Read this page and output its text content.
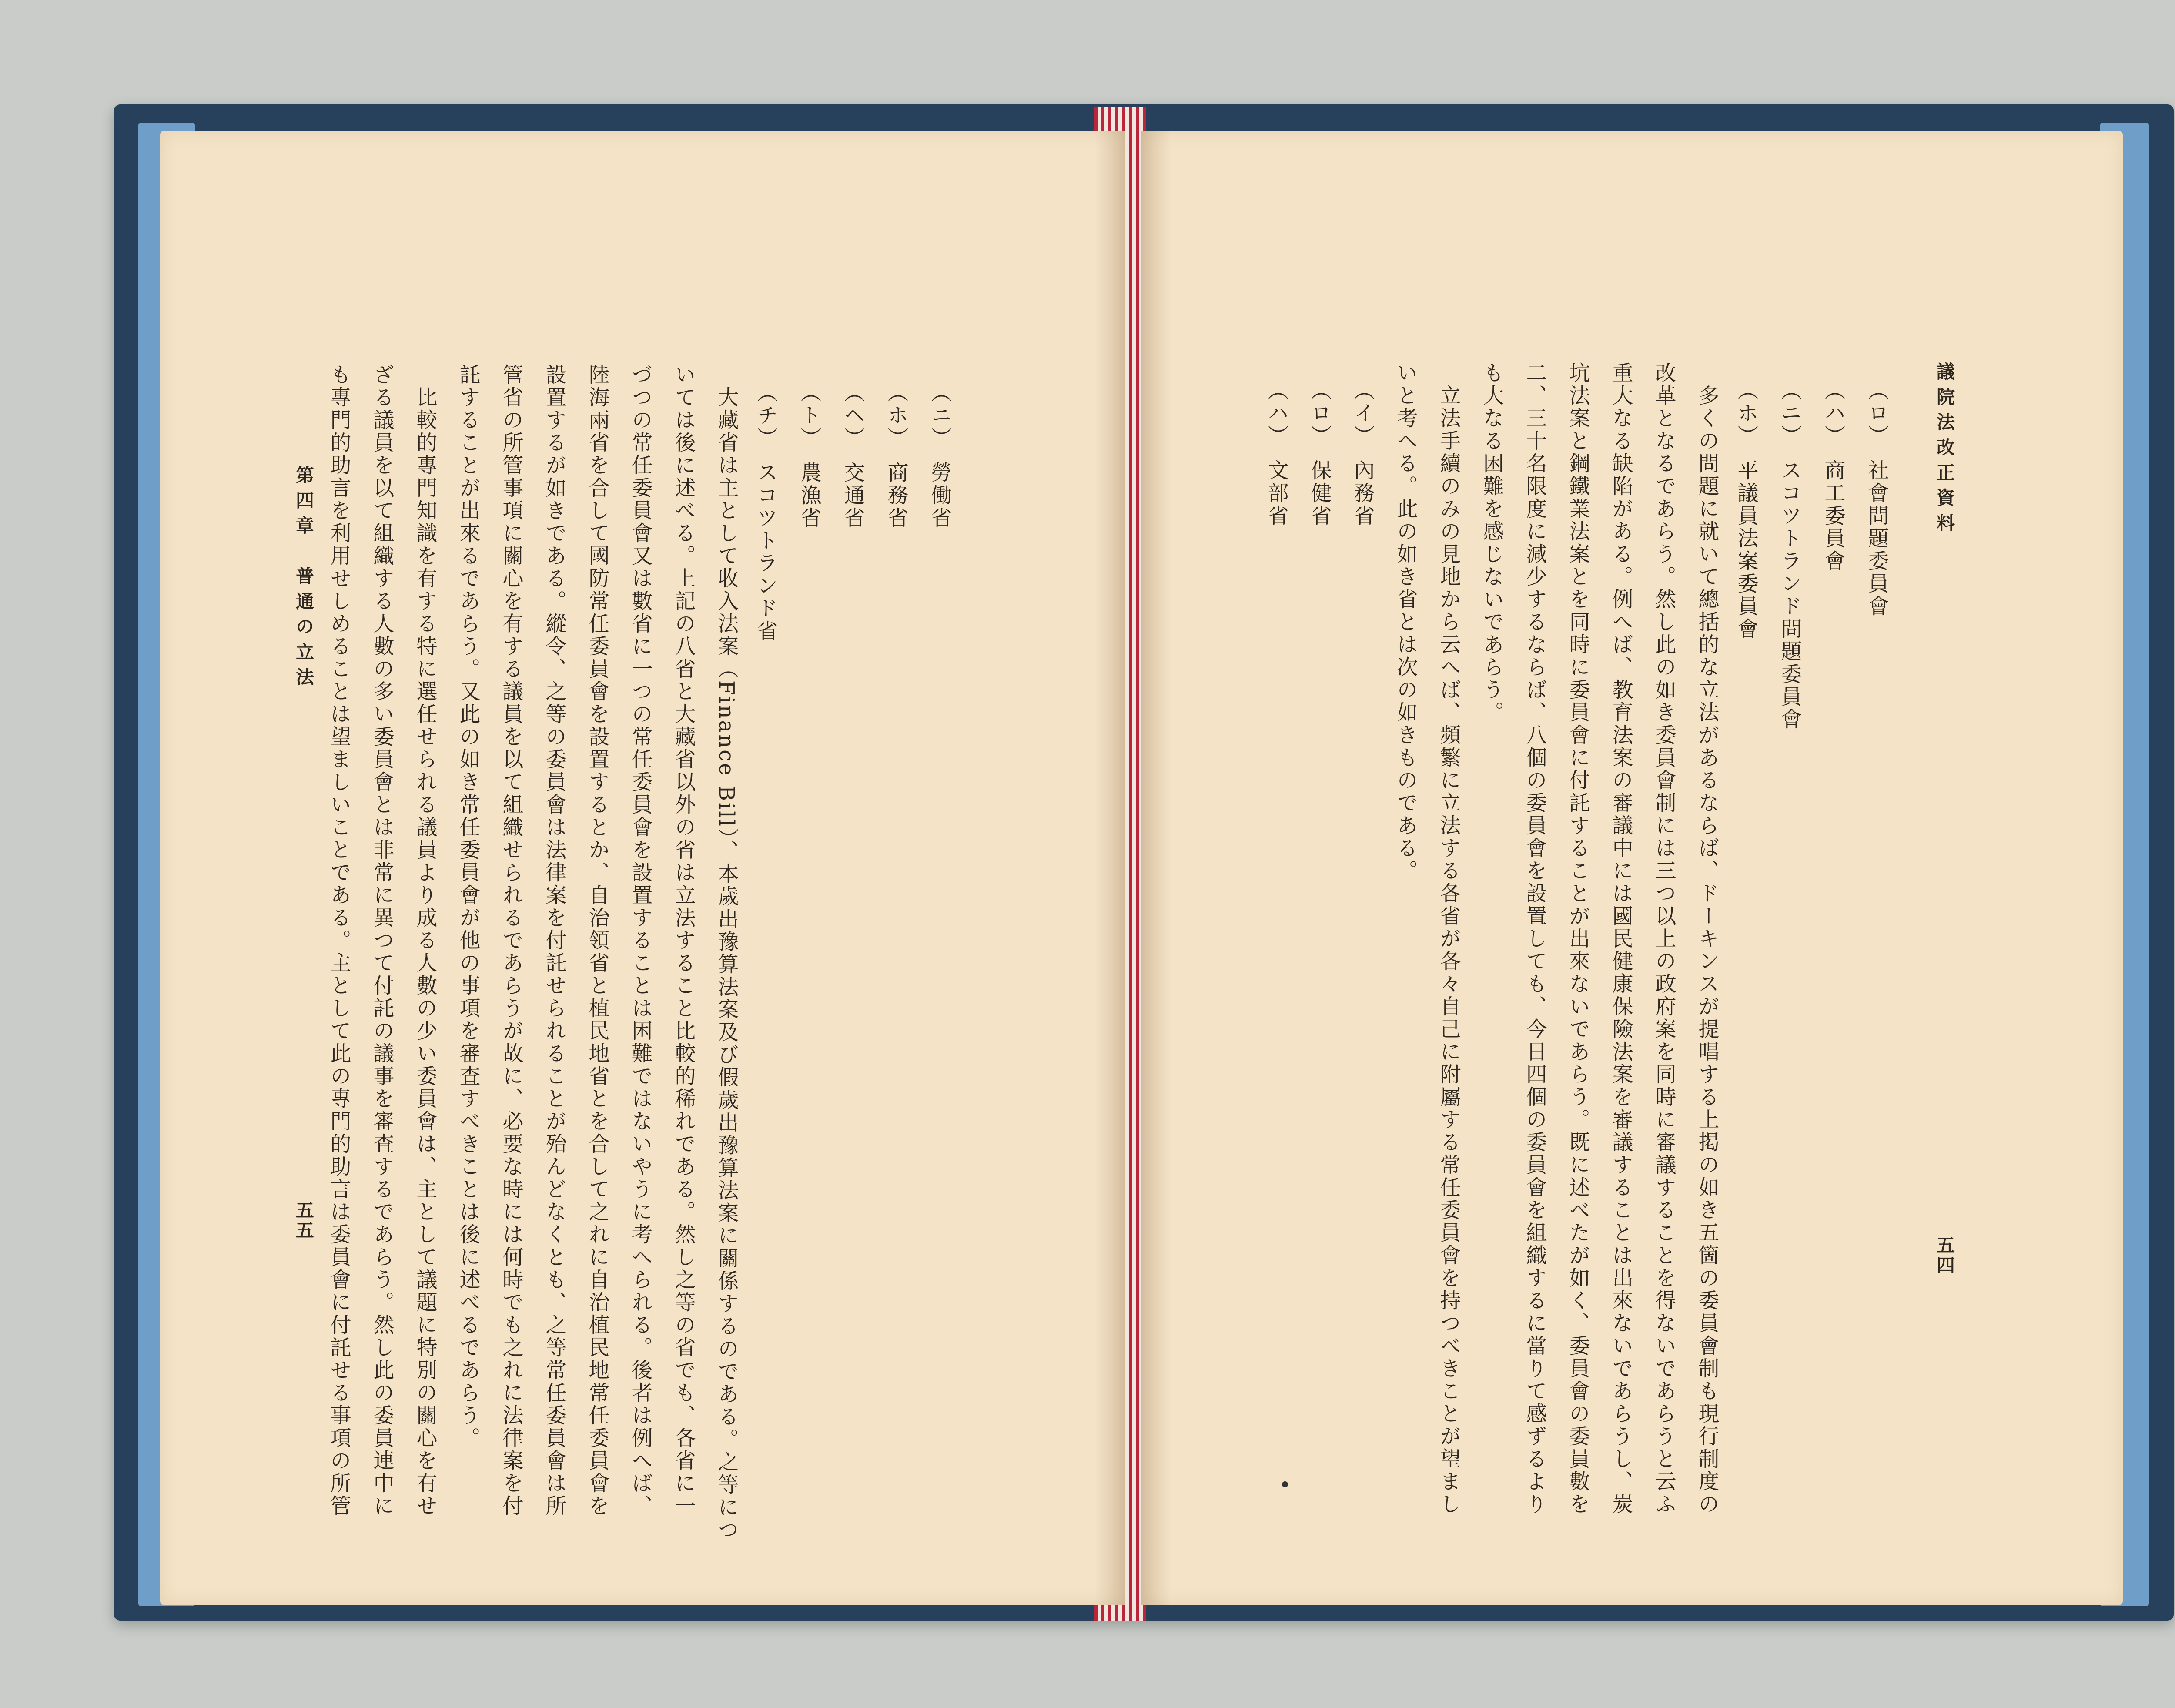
（ニ）　勞働省
（ホ）　商務省
（ヘ）　交通省
（ト）　農漁省
（チ）　スコツトランド省
　大藏省は主として收入法案（Finance Bill）、本歲出豫算法案及び假歲出豫算法案に關係するのである。之等につ
いては後に述べる。上記の八省と大藏省以外の省は立法すること比較的稀れである。然し之等の省でも、各省に一
づつの常任委員會又は數省に一つの常任委員會を設置することは困難ではないやうに考へられる。後者は例へば、
陸海兩省を合して國防常任委員會を設置するとか、自治領省と植民地省とを合して之れに自治植民地常任委員會を
設置するが如きである。縱令、之等の委員會は法律案を付託せられることが殆んどなくとも、之等常任委員會は所
管省の所管事項に關心を有する議員を以て組織せられるであらうが故に、必要な時には何時でも之れに法律案を付
託することが出來るであらう。又此の如き常任委員會が他の事項を審査すべきことは後に述べるであらう。
　比較的專門知識を有する特に選任せられる議員より成る人數の少い委員會は、主として議題に特別の關心を有せ
ざる議員を以て組織する人數の多い委員會とは非常に異つて付託の議事を審査するであらう。然し此の委員連中に
も專門的助言を利用せしめることは望ましいことである。主として此の專門的助言は委員會に付託せる事項の所管
第四章　普通の立法
五五
議院法改正資料
五四
（ロ）　社會問題委員會
（ハ）　商工委員會
（ニ）　スコツトランド問題委員會
（ホ）　平議員法案委員會
　多くの問題に就いて總括的な立法があるならば、ドーキンスが提唱する上掲の如き五箇の委員會制も現行制度の
改革となるであらう。然し此の如き委員會制には三つ以上の政府案を同時に審議することを得ないであらうと云ふ
重大なる缺陷がある。例へば、教育法案の審議中には國民健康保險法案を審議することは出來ないであらうし、炭
坑法案と鋼鐵業法案とを同時に委員會に付託することが出來ないであらう。既に述べたが如く、委員會の委員數を
二、三十名限度に減少するならば、八個の委員會を設置しても、今日四個の委員會を組織するに當りて感ずるより
も大なる困難を感じないであらう。
　立法手續のみの見地から云へば、頻繁に立法する各省が各々自己に附屬する常任委員會を持つべきことが望まし
いと考へる。此の如き省とは次の如きものである。
（イ）　內務省
（ロ）　保健省
（ハ）　文部省
